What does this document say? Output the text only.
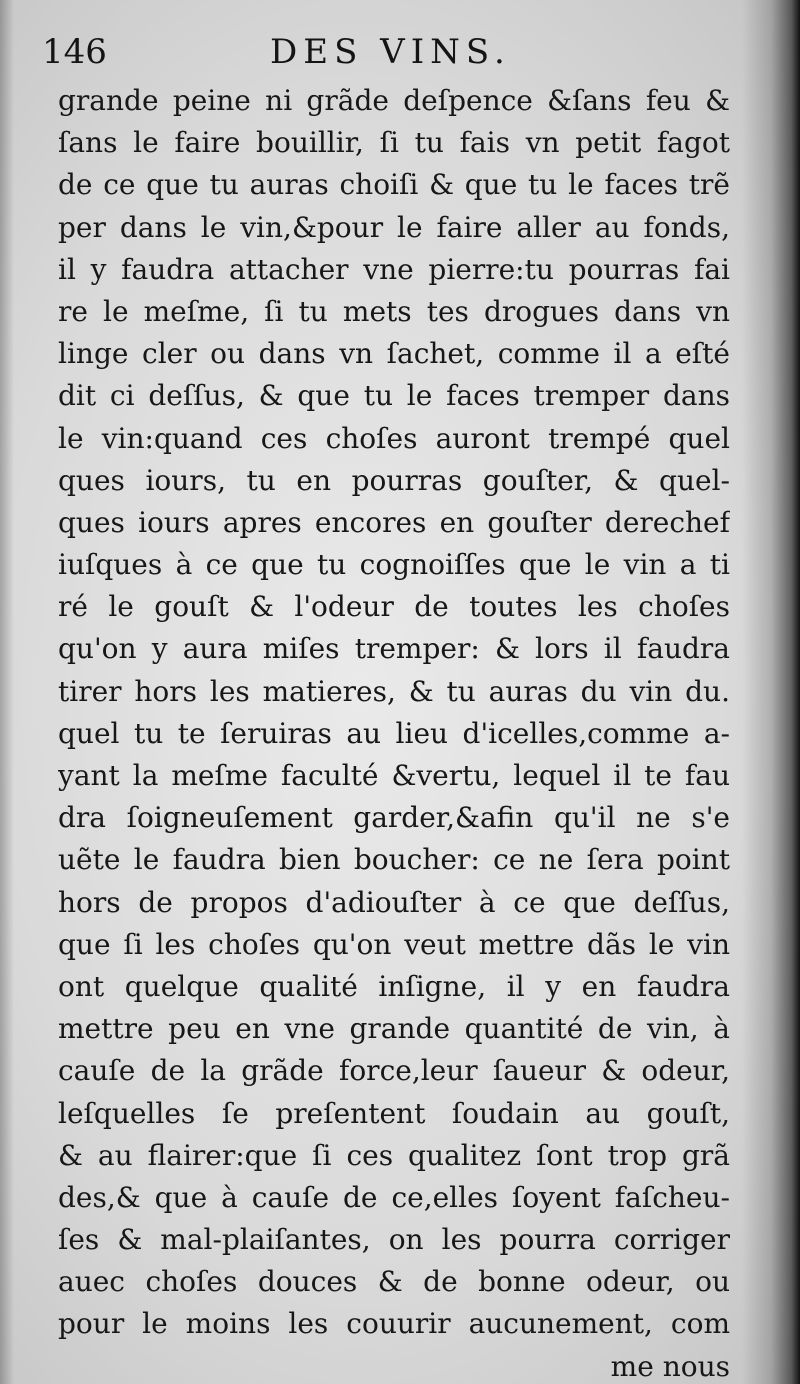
146	DES VINS.
grande peine ni grãde deſpence &ſans feu &
ſans le faire bouillir, ſi tu fais vn petit fagot
de ce que tu auras choiſi & que tu le faces trẽ
per dans le vin,&pour le faire aller au fonds,
il y faudra attacher vne pierre:tu pourras fai
re le meſme, ſi tu mets tes drogues dans vn
linge cler ou dans vn ſachet, comme il a eſté
dit ci deſſus, & que tu le faces tremper dans
le vin:quand ces choſes auront trempé quel
ques iours, tu en pourras gouſter, & quel-
ques iours apres encores en gouſter derechef
iuſques à ce que tu cognoiſſes que le vin a ti
ré le gouſt & l'odeur de toutes les choſes
qu'on y aura miſes tremper: & lors il faudra
tirer hors les matieres, & tu auras du vin du.
quel tu te ſeruiras au lieu d'icelles,comme a-
yant la meſme faculté &vertu, lequel il te fau
dra ſoigneuſement garder,&afin qu'il ne s'e
uẽte le faudra bien boucher: ce ne ſera point
hors de propos d'adiouſter à ce que deſſus,
que ſi les choſes qu'on veut mettre dãs le vin
ont quelque qualité inſigne, il y en faudra
mettre peu en vne grande quantité de vin, à
cauſe de la grãde force,leur ſaueur & odeur,
leſquelles ſe preſentent ſoudain au gouſt,
& au flairer:que ſi ces qualitez ſont trop grã
des,& que à cauſe de ce,elles ſoyent faſcheu-
ſes & mal-plaiſantes, on les pourra corriger
auec choſes douces & de bonne odeur, ou
pour le moins les couurir aucunement, com
me nous
